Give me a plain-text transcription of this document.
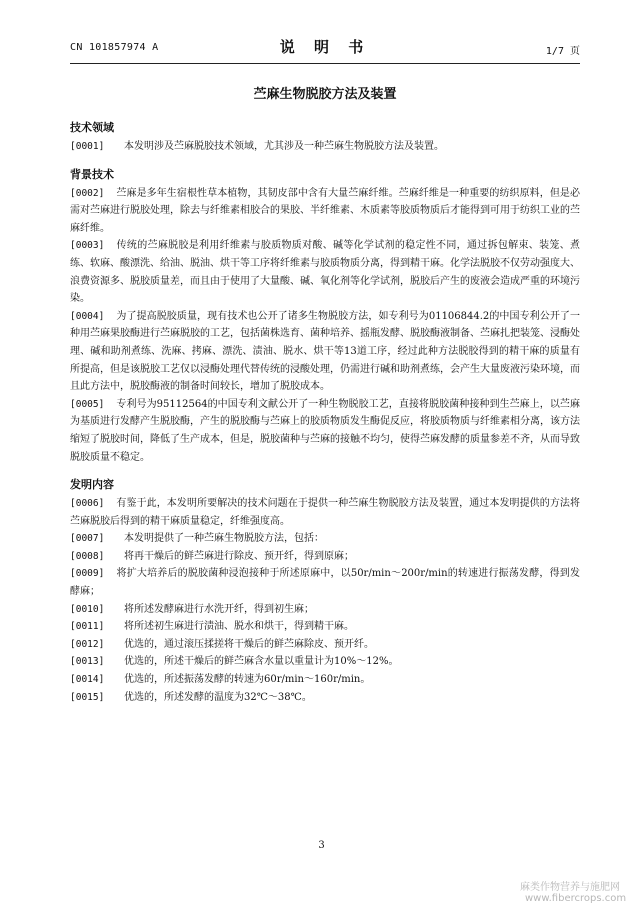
CN 101857974 A	说 明 书	1/7 页
苎麻生物脱胶方法及装置
技术领域
[0001] 本发明涉及苎麻脱胶技术领域，尤其涉及一种苎麻生物脱胶方法及装置。
背景技术
[0002] 苎麻是多年生宿根性草本植物，其韧皮部中含有大量苎麻纤维。苎麻纤维是一种重要的纺织原料，但是必需对苎麻进行脱胶处理，除去与纤维素相胶合的果胶、半纤维素、木质素等胶质物质后才能得到可用于纺织工业的苎麻纤维。
[0003] 传统的苎麻脱胶是利用纤维素与胶质物质对酸、碱等化学试剂的稳定性不同，通过拆包解束、装笼、煮练、软麻、酸漂洗、给油、脱油、烘干等工序将纤维素与胶质物质分离，得到精干麻。化学法脱胶不仅劳动强度大、浪费资源多、脱胶质量差，而且由于使用了大量酸、碱、氧化剂等化学试剂，脱胶后产生的废液会造成严重的环境污染。
[0004] 为了提高脱胶质量，现有技术也公开了诸多生物脱胶方法，如专利号为01106844.2的中国专利公开了一种用苎麻果胶酶进行苎麻脱胶的工艺，包括菌株选育、菌种培养、摇瓶发酵、脱胶酶液制备、苎麻扎把装笼、浸酶处理、碱和助剂煮练、洗麻、拷麻、漂洗、渍油、脱水、烘干等13道工序，经过此种方法脱胶得到的精干麻的质量有所提高，但是该脱胶工艺仅以浸酶处理代替传统的浸酸处理，仍需进行碱和助剂煮练，会产生大量废液污染环境，而且此方法中，脱胶酶液的制备时间较长，增加了脱胶成本。
[0005] 专利号为95112564的中国专利文献公开了一种生物脱胶工艺，直接将脱胶菌种接种到生苎麻上，以苎麻为基质进行发酵产生脱胶酶，产生的脱胶酶与苎麻上的胶质物质发生酶促反应，将胶质物质与纤维素相分离，该方法缩短了脱胶时间，降低了生产成本，但是，脱胶菌种与苎麻的接触不均匀，使得苎麻发酵的质量参差不齐，从而导致脱胶质量不稳定。
发明内容
[0006] 有鉴于此，本发明所要解决的技术问题在于提供一种苎麻生物脱胶方法及装置，通过本发明提供的方法将苎麻脱胶后得到的精干麻质量稳定，纤维强度高。
[0007] 本发明提供了一种苎麻生物脱胶方法，包括：
[0008] 将再干燥后的鲜苎麻进行除皮、预开纤，得到原麻；
[0009] 将扩大培养后的脱胶菌种浸泡接种于所述原麻中，以50r/min～200r/min的转速进行振荡发酵，得到发酵麻；
[0010] 将所述发酵麻进行水洗开纤，得到初生麻；
[0011] 将所述初生麻进行渍油、脱水和烘干，得到精干麻。
[0012] 优选的，通过滚压揉搓将干燥后的鲜苎麻除皮、预开纤。
[0013] 优选的，所述干燥后的鲜苎麻含水量以重量计为10%～12%。
[0014] 优选的，所述振荡发酵的转速为60r/min～160r/min。
[0015] 优选的，所述发酵的温度为32℃～38℃。
3
麻类作物营养与施肥网
www.fibercrops.com
